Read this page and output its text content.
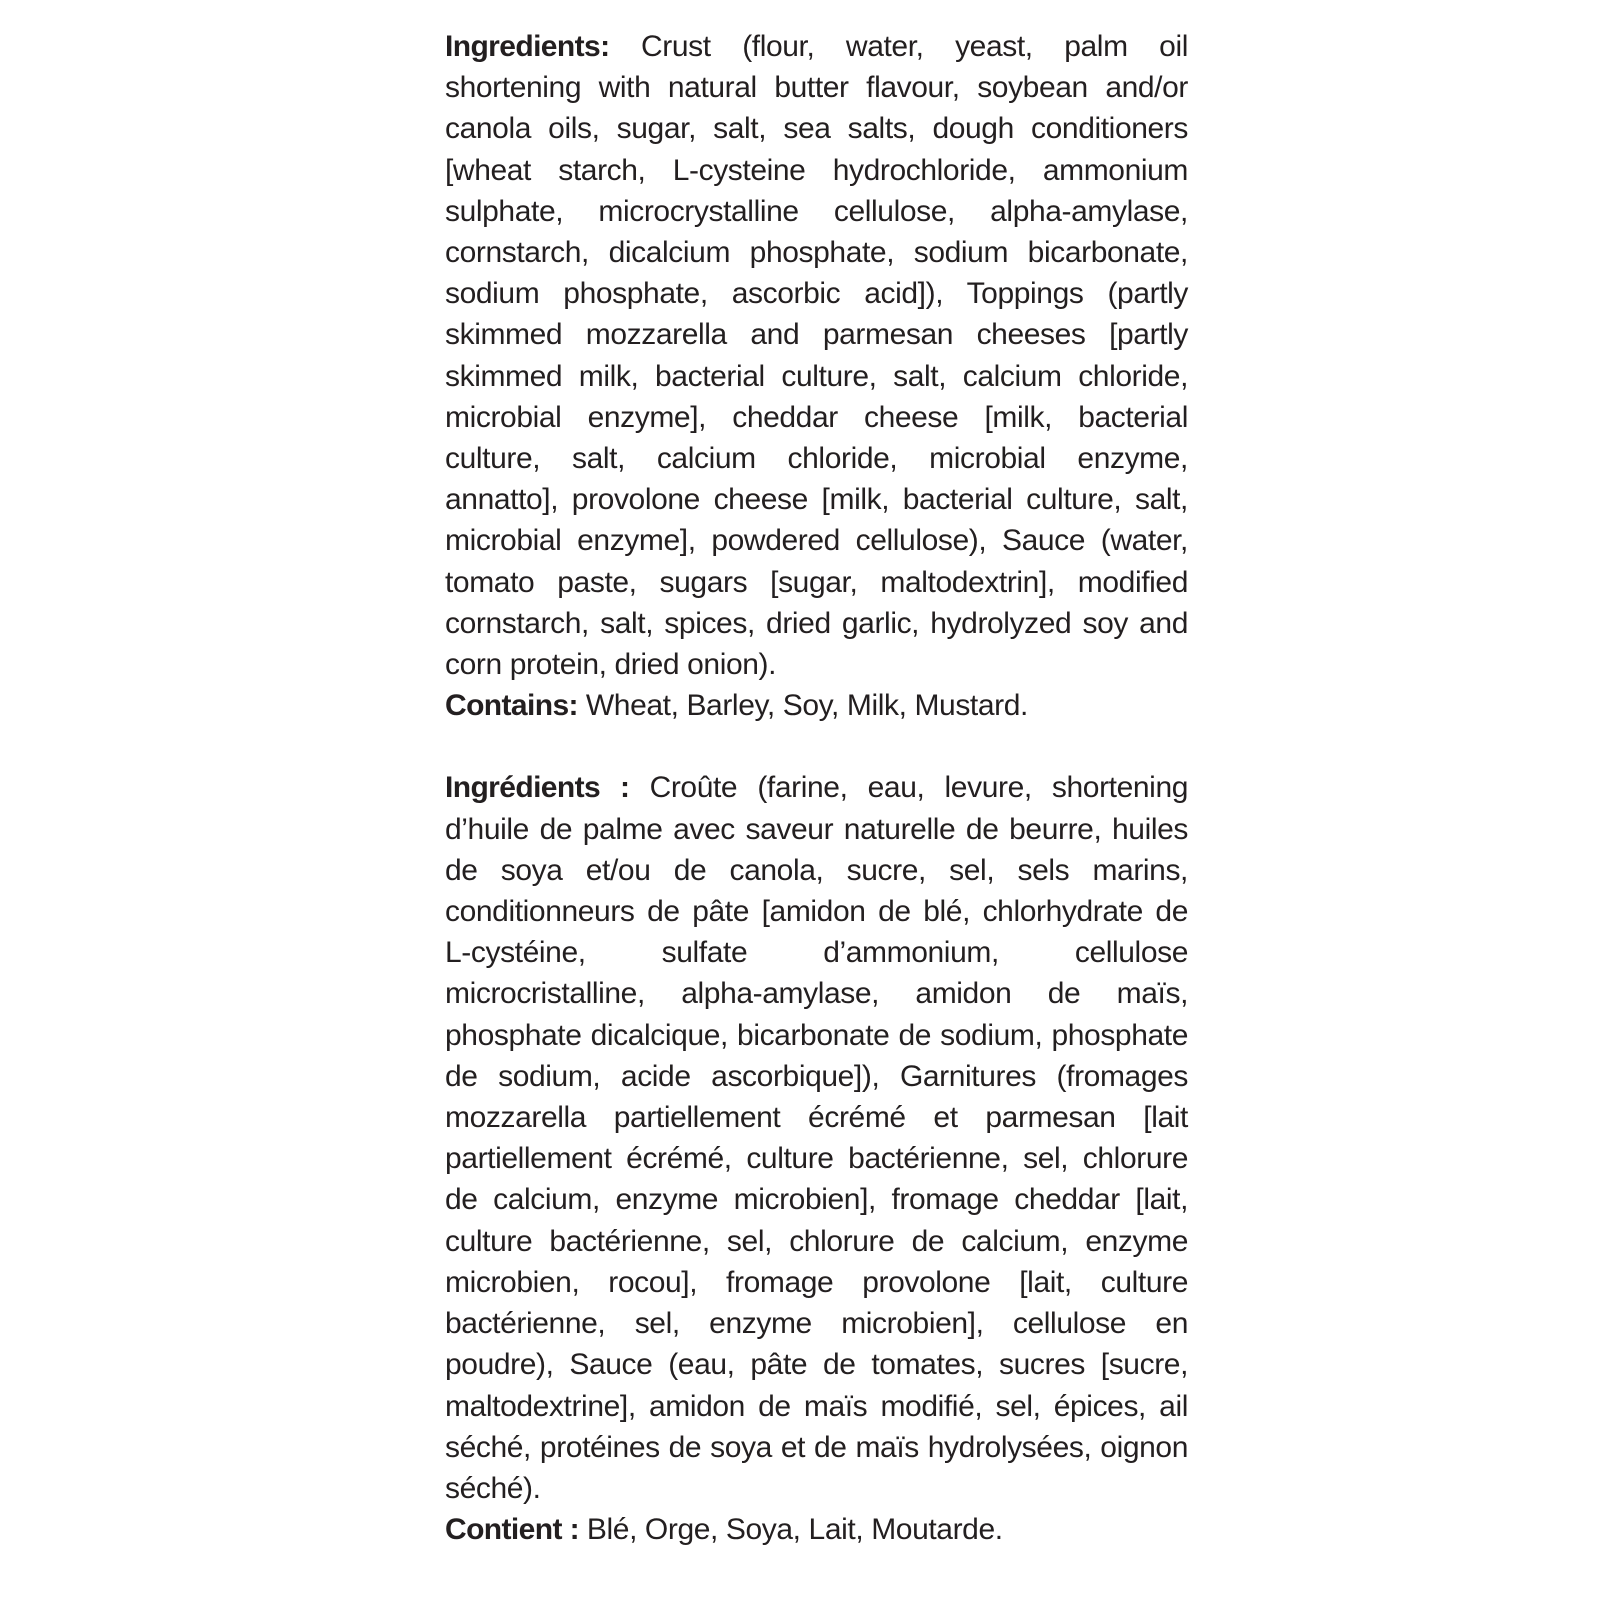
Ingredients: Crust (flour, water, yeast, palm oil shortening with natural butter flavour, soybean and/or canola oils, sugar, salt, sea salts, dough conditioners [wheat starch, L-cysteine hydrochloride, ammonium sulphate, microcrystalline cellulose, alpha-amylase, cornstarch, dicalcium phosphate, sodium bicarbonate, sodium phosphate, ascorbic acid]), Toppings (partly skimmed mozzarella and parmesan cheeses [partly skimmed milk, bacterial culture, salt, calcium chloride, microbial enzyme], cheddar cheese [milk, bacterial culture, salt, calcium chloride, microbial enzyme, annatto], provolone cheese [milk, bacterial culture, salt, microbial enzyme], powdered cellulose), Sauce (water, tomato paste, sugars [sugar, maltodextrin], modified cornstarch, salt, spices, dried garlic, hydrolyzed soy and corn protein, dried onion).

Contains: Wheat, Barley, Soy, Milk, Mustard.

Ingrédients : Croûte (farine, eau, levure, shortening d’huile de palme avec saveur naturelle de beurre, huiles de soya et/ou de canola, sucre, sel, sels marins, conditionneurs de pâte [amidon de blé, chlorhydrate de L-cystéine, sulfate d’ammonium, cellulose microcristalline, alpha-amylase, amidon de maïs, phosphate dicalcique, bicarbonate de sodium, phosphate de sodium, acide ascorbique]), Garnitures (fromages mozzarella partiellement écrémé et parmesan [lait partiellement écrémé, culture bactérienne, sel, chlorure de calcium, enzyme microbien], fromage cheddar [lait, culture bactérienne, sel, chlorure de calcium, enzyme microbien, rocou], fromage provolone [lait, culture bactérienne, sel, enzyme microbien], cellulose en poudre), Sauce (eau, pâte de tomates, sucres [sucre, maltodextrine], amidon de maïs modifié, sel, épices, ail séché, protéines de soya et de maïs hydrolysées, oignon séché).

Contient : Blé, Orge, Soya, Lait, Moutarde.
